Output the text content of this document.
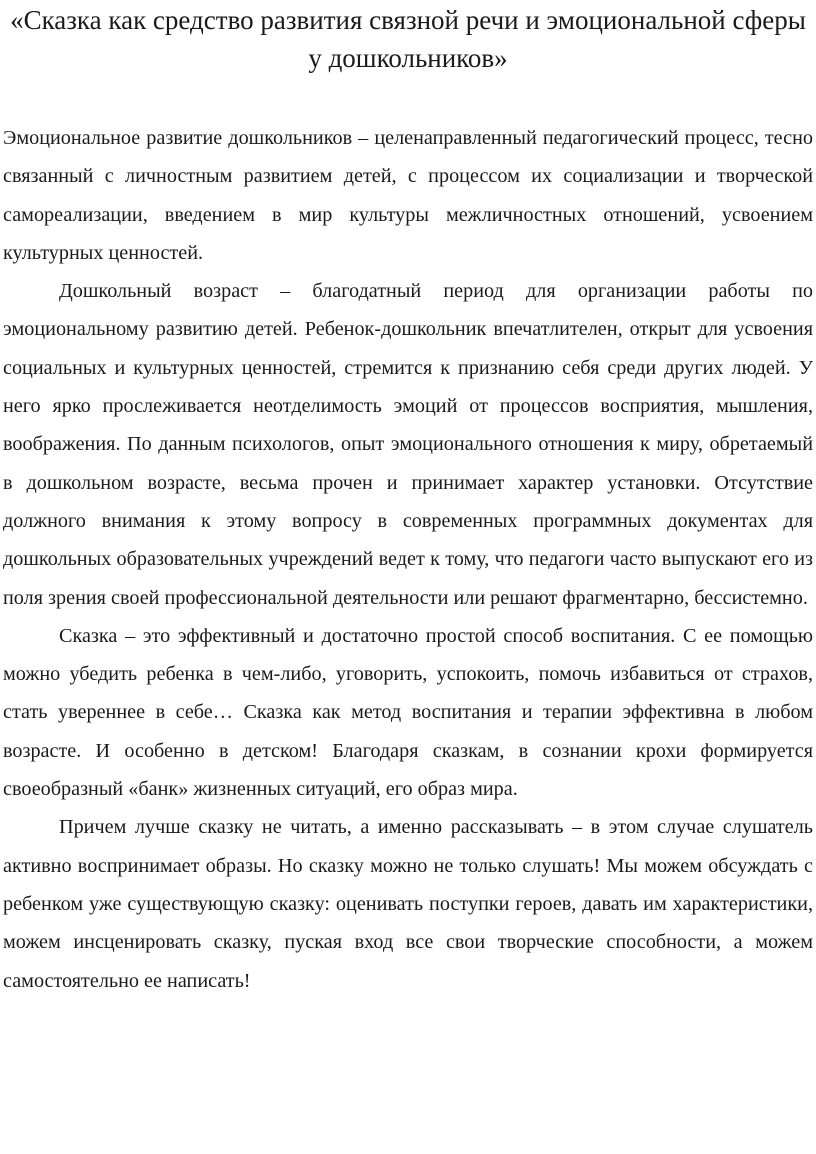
«Сказка как средство развития связной речи и эмоциональной сферы у дошкольников»

Эмоциональное развитие дошкольников – целенаправленный педагогический процесс, тесно связанный с личностным развитием детей, с процессом их социализации и творческой самореализации, введением в мир культуры межличностных отношений, усвоением культурных ценностей.

Дошкольный возраст – благодатный период для организации работы по эмоциональному развитию детей. Ребенок-дошкольник впечатлителен, открыт для усвоения социальных и культурных ценностей, стремится к признанию себя среди других людей. У него ярко прослеживается неотделимость эмоций от процессов восприятия, мышления, воображения. По данным психологов, опыт эмоционального отношения к миру, обретаемый в дошкольном возрасте, весьма прочен и принимает характер установки. Отсутствие должного внимания к этому вопросу в современных программных документах для дошкольных образовательных учреждений ведет к тому, что педагоги часто выпускают его из поля зрения своей профессиональной деятельности или решают фрагментарно, бессистемно.

Сказка – это эффективный и достаточно простой способ воспитания. С ее помощью можно убедить ребенка в чем-либо, уговорить, успокоить, помочь избавиться от страхов, стать увереннее в себе… Сказка как метод воспитания и терапии эффективна в любом возрасте. И особенно в детском! Благодаря сказкам, в сознании крохи формируется своеобразный «банк» жизненных ситуаций, его образ мира.

Причем лучше сказку не читать, а именно рассказывать – в этом случае слушатель активно воспринимает образы. Но сказку можно не только слушать! Мы можем обсуждать с ребенком уже существующую сказку: оценивать поступки героев, давать им характеристики, можем инсценировать сказку, пуская вход все свои творческие способности, а можем самостоятельно ее написать!
